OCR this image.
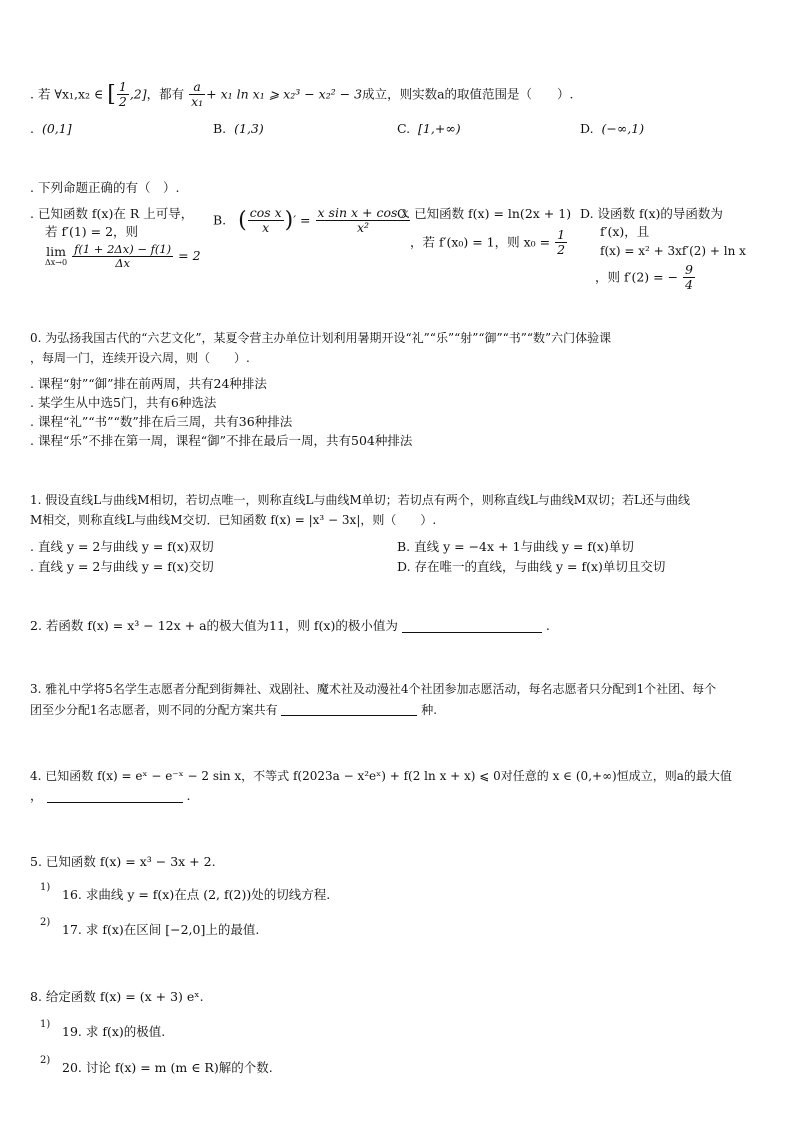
. 若 ∀x₁,x₂ ∈ [ $\frac{1}{2} ,2$]，都有 $\frac{a}{\text{x₁}} + x_1$ ln x₁ ⩾ x₂³ − x₂² − 3成立，则实数a的取值范围是（　　）.
. (0,1]	B. (1,3)	C. [1,+∞)	D. (−∞,1)
. 下列命题正确的有（　）.
. 已知函数 f(x)在 R 上可导，
若 f′(1) = 2，则
lim
Δx→0
$\frac{f(1 + 2\Delta x) - f(1)}{\Delta x} = 2$
B. ( $\frac{\text{cos x}}{x}$ )′ = $\frac{\text{x sin x + cos x}}{\text{x²}}$
C. 已知函数 f(x) = ln(2x + 1)
，若 f′(x₀) = 1，则 $x_0 = \frac{1}{2}$
D. 设函数 f(x)的导函数为
f′(x)，且
f(x) = x² + 3xf′(2) + ln x
，则 f′(2) = − $\frac{9}{4}$
0. 为弘扬我国古代的“六艺文化”，某夏令营主办单位计划利用暑期开设“礼”“乐”“射”“御”“书”“数”六门体验课
，每周一门，连续开设六周，则（　　）.
. 课程“射”“御”排在前两周，共有24种排法
. 某学生从中选5门，共有6种选法
. 课程“礼”“书”“数”排在后三周，共有36种排法
. 课程“乐”不排在第一周，课程“御”不排在最后一周，共有504种排法
1. 假设直线L与曲线M相切，若切点唯一，则称直线L与曲线M单切；若切点有两个，则称直线L与曲线M双切；若L还与曲线
M相交，则称直线L与曲线M交切．已知函数 f(x) = |x³ − 3x|，则（　　）.
. 直线 y = 2与曲线 y = f(x)双切	B. 直线 y = −4x + 1与曲线 y = f(x)单切
. 直线 y = 2与曲线 y = f(x)交切	D. 存在唯一的直线，与曲线 y = f(x)单切且交切
2. 若函数 f(x) = x³ − 12x + a的极大值为11，则 f(x)的极小值为	.
3. 雅礼中学将5名学生志愿者分配到街舞社、戏剧社、魔术社及动漫社4个社团参加志愿活动，每名志愿者只分配到1个社团、每个
团至少分配1名志愿者，则不同的分配方案共有	种.
4. 已知函数 f(x) = eˣ − e⁻ˣ − 2 sin x，不等式 f(2023a − x²eˣ) + f(2 ln x + x) ⩽ 0对任意的 x ∈ (0,+∞)恒成立，则a的最大值
，	.
5. 已知函数 f(x) = x³ − 3x + 2.
1) 16. 求曲线 y = f(x)在点 (2, f(2))处的切线方程.
2) 17. 求 f(x)在区间 [−2,0]上的最值.
8. 给定函数 f(x) = (x + 3) eˣ.
1) 19. 求 f(x)的极值.
2) 20. 讨论 f(x) = m (m ∈ R)解的个数.
